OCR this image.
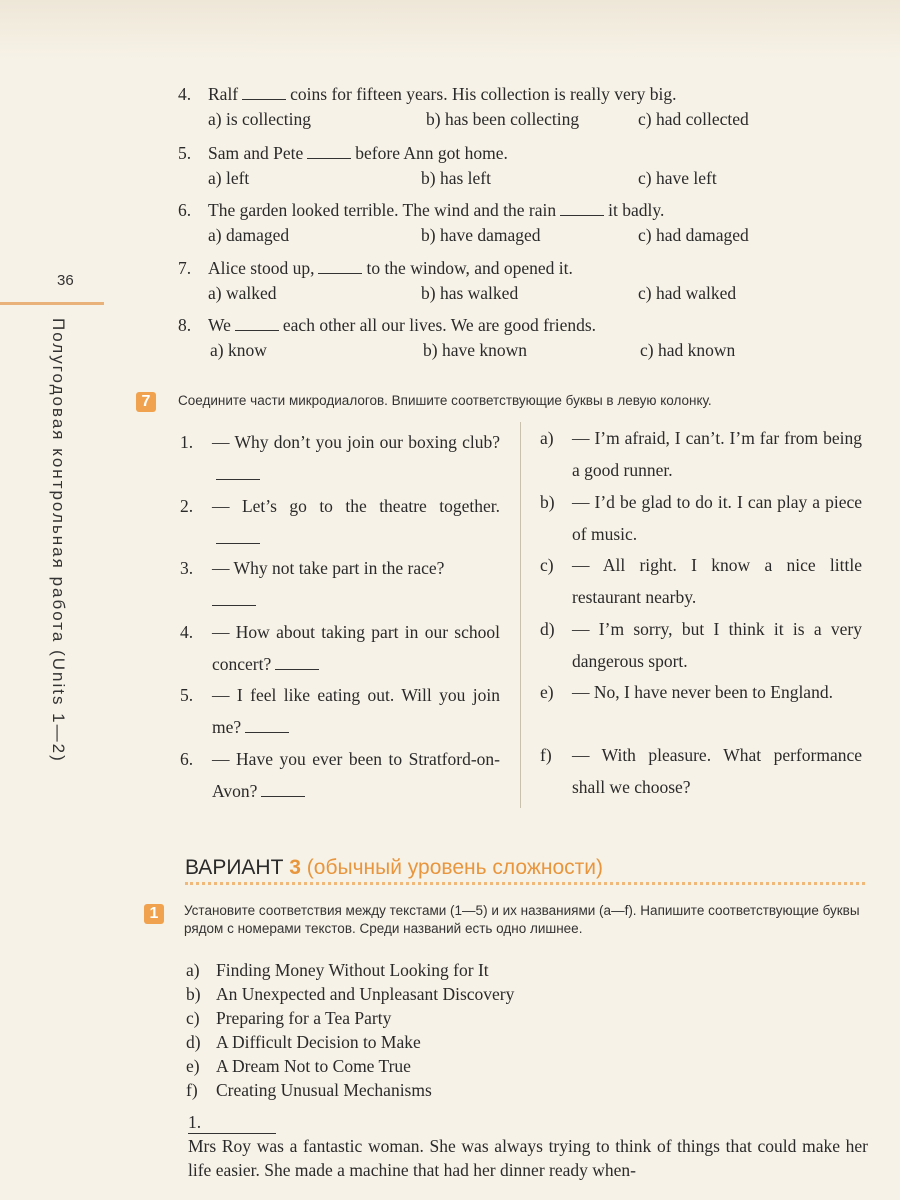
36
Полугодовая контрольная работа (Units 1—2)
4. Ralf	coins for fifteen years. His collection is really very big.
a) is collecting	b) has been collecting	c) had collected
5. Sam and Pete	before Ann got home.
a) left	b) has left	c) have left
6. The garden looked terrible. The wind and the rain	it badly.
a) damaged	b) have damaged	c) had damaged
7. Alice stood up,	to the window, and opened it.
a) walked	b) has walked	c) had walked
8. We	each other all our lives. We are good friends.
a) know	b) have known	c) had known
7	Соедините части микродиалогов. Впишите соответствующие буквы в левую колонку.
1. — Why don’t you join our boxing club?
2. — Let’s go to the theatre together.
3. — Why not take part in the race?

4. — How about taking part in our school concert?
5. — I feel like eating out. Will you join me?
6. — Have you ever been to Stratford-on-Avon?
a) — I’m afraid, I can’t. I’m far from being a good runner.
b) — I’d be glad to do it. I can play a piece of music.
c) — All right. I know a nice little restaurant nearby.
d) — I’m sorry, but I think it is a very dangerous sport.
e) — No, I have never been to England.
f) — With pleasure. What performance shall we choose?
ВАРИАНТ 3 (обычный уровень сложности)
1	Установите соответствия между текстами (1—5) и их названиями (a—f). Напишите соответствующие буквы рядом с номерами текстов. Среди названий есть одно лишнее.
a) Finding Money Without Looking for It
b) An Unexpected and Unpleasant Discovery
c) Preparing for a Tea Party
d) A Difficult Decision to Make
e) A Dream Not to Come True
f) Creating Unusual Mechanisms
1.

Mrs Roy was a fantastic woman. She was always trying to think of things that could make her life easier. She made a machine that had her dinner ready when-
